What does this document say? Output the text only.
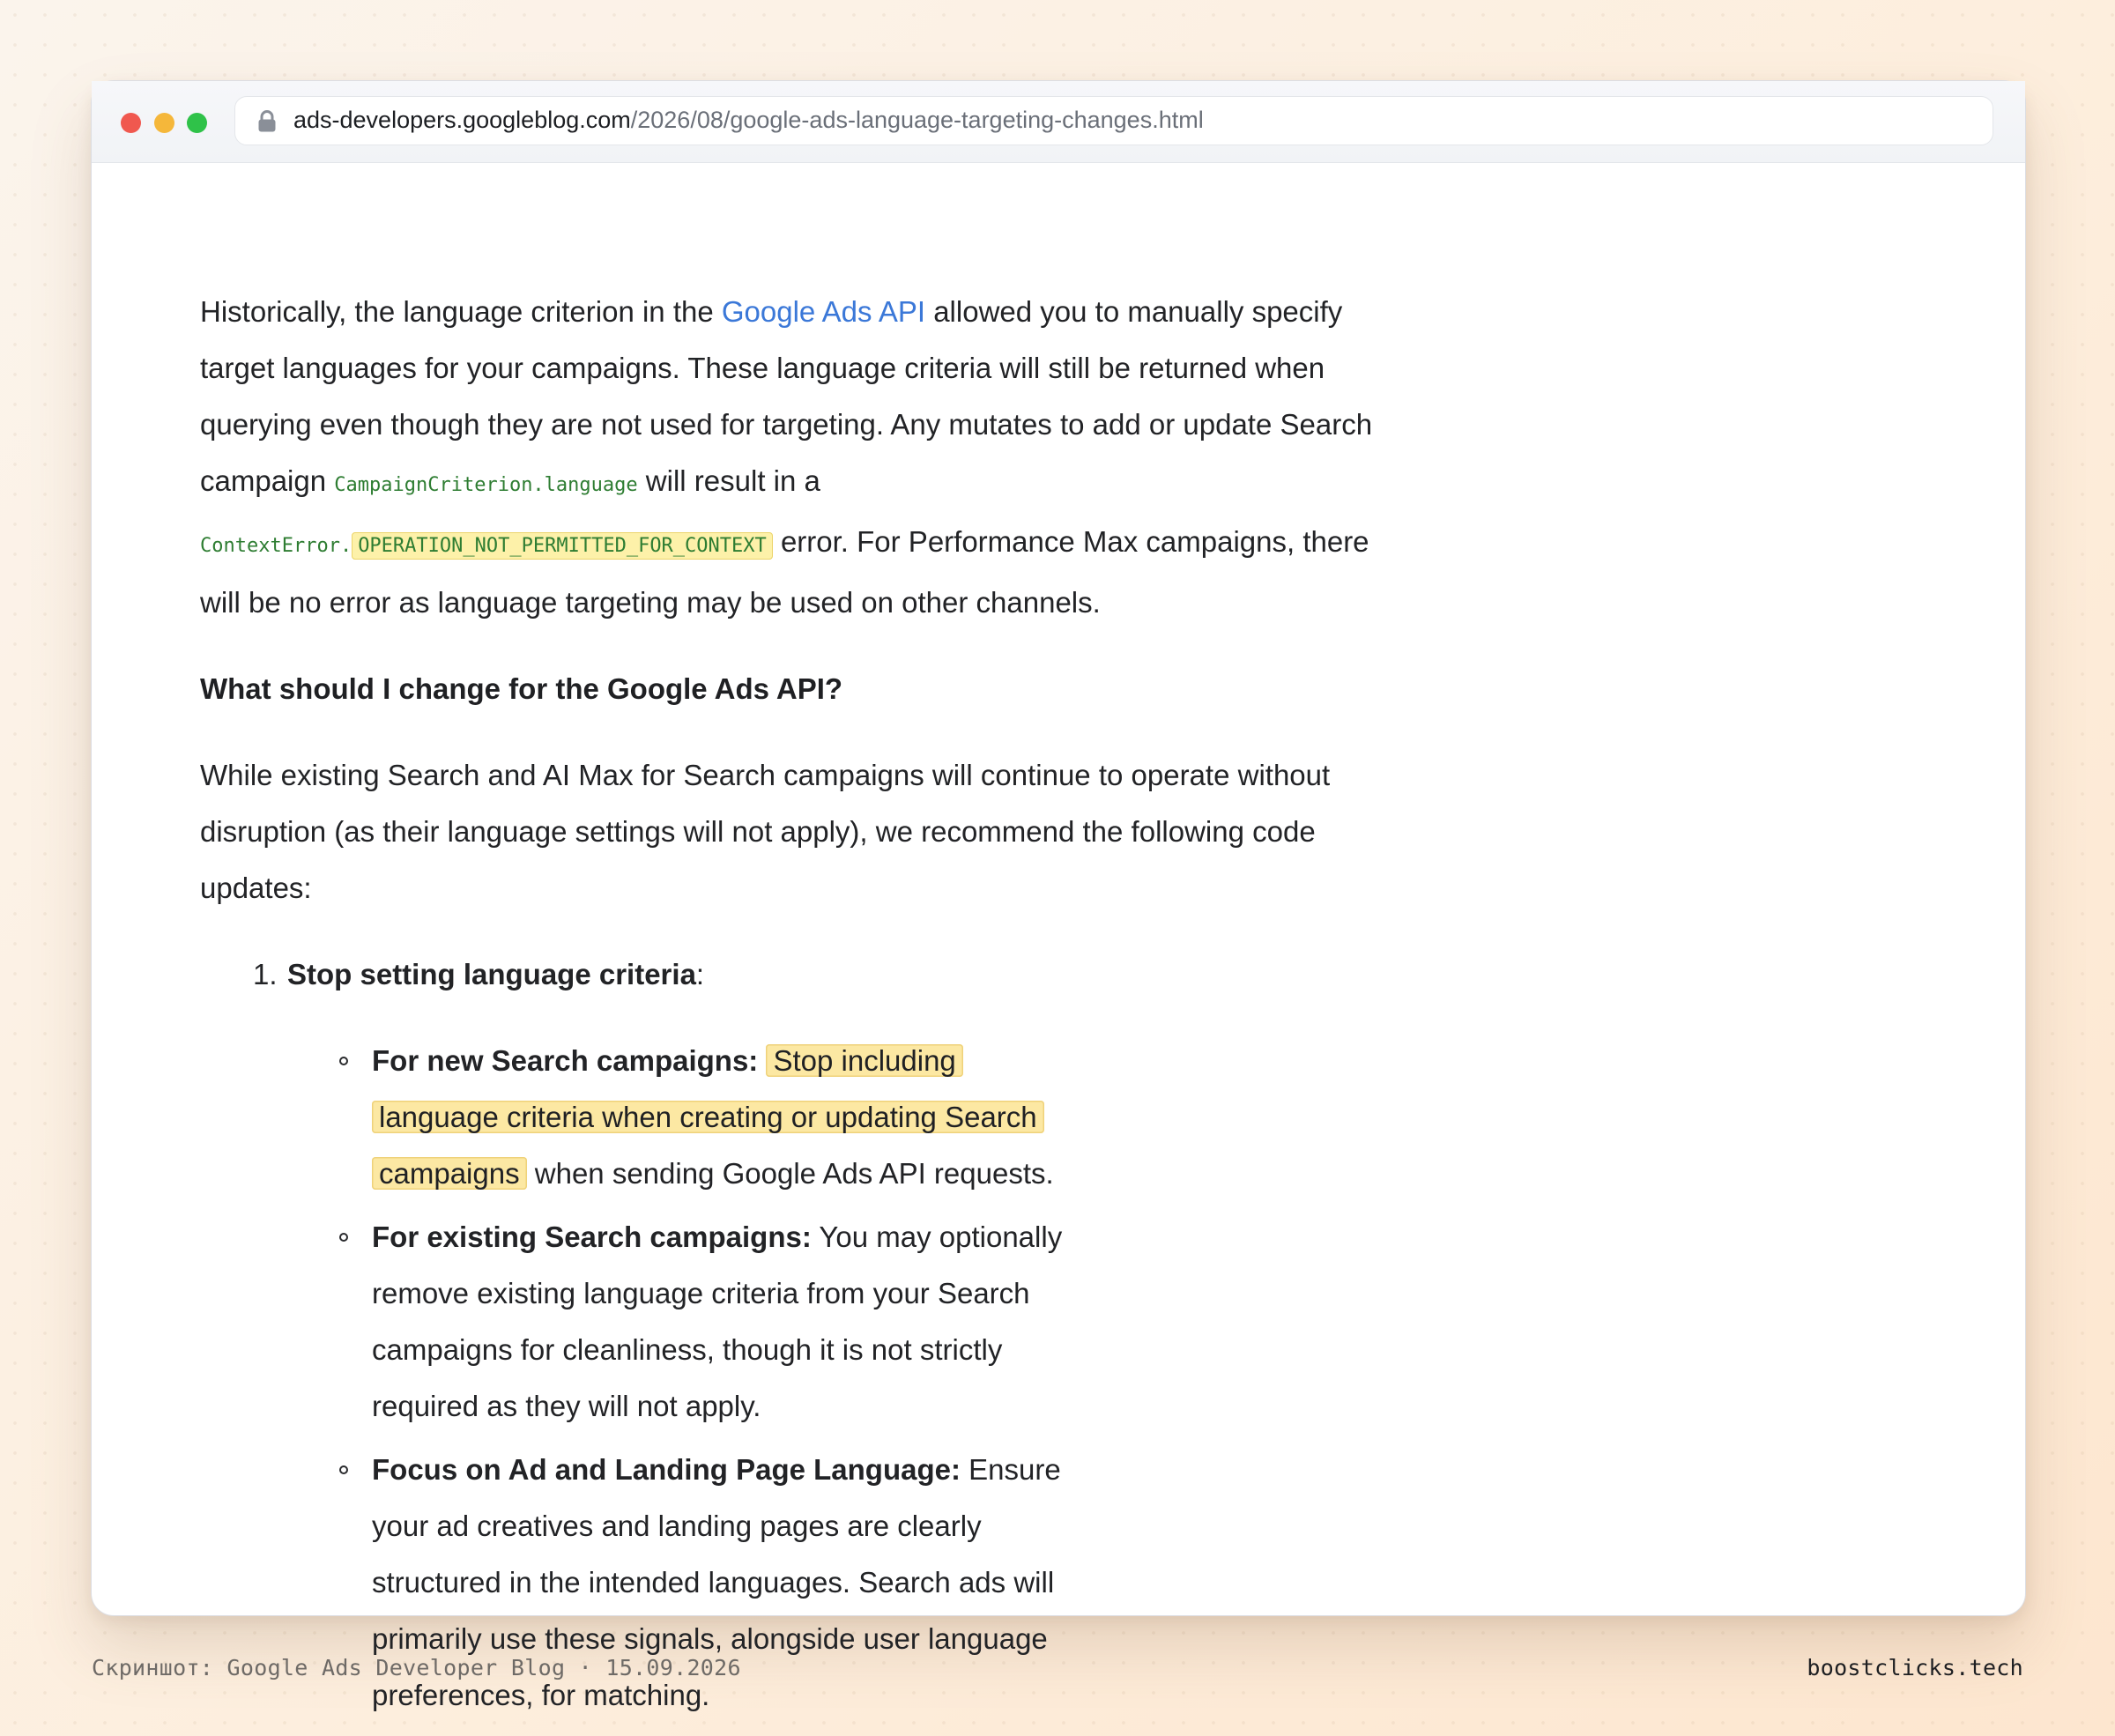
ads-developers.googleblog.com/2026/08/google-ads-language-targeting-changes.html

Historically, the language criterion in the Google Ads API allowed you to manually specify target languages for your campaigns. These language criteria will still be returned when querying even though they are not used for targeting. Any mutates to add or update Search campaign CampaignCriterion.language will result in a
ContextError. OPERATION_NOT_PERMITTED_FOR_CONTEXT error. For Performance Max campaigns, there will be no error as language targeting may be used on other channels.

What should I change for the Google Ads API?

While existing Search and AI Max for Search campaigns will continue to operate without disruption (as their language settings will not apply), we recommend the following code updates:

1. Stop setting language criteria:
For new Search campaigns: Stop including language criteria when creating or updating Search campaigns when sending Google Ads API requests.
For existing Search campaigns: You may optionally remove existing language criteria from your Search campaigns for cleanliness, though it is not strictly required as they will not apply.
Focus on Ad and Landing Page Language: Ensure your ad creatives and landing pages are clearly structured in the intended languages. Search ads will primarily use these signals, alongside user language preferences, for matching.
Скриншот: Google Ads Developer Blog · 15.09.2026	boostclicks.tech
